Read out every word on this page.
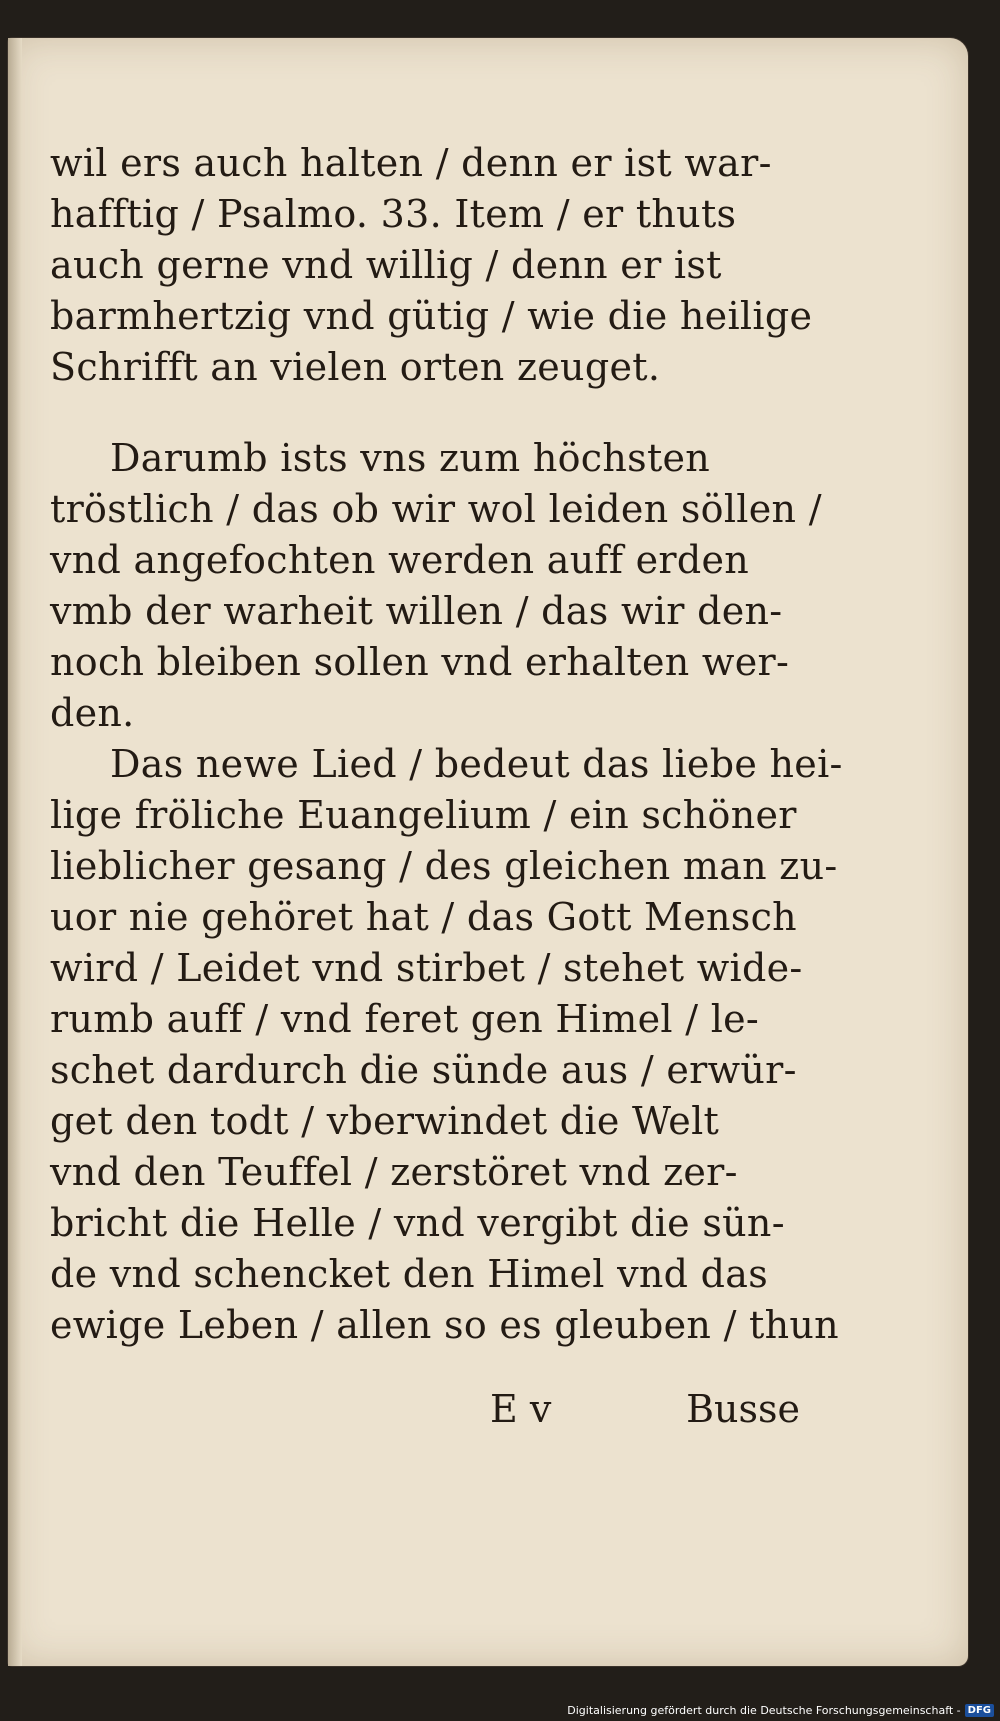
wil ers auch halten / denn er ist war-
hafftig / Psalmo. 33. Item / er thuts
auch gerne vnd willig / denn er ist
barmhertzig vnd gütig / wie die heilige
Schrifft an vielen orten zeuget.
Darumb ists vns zum höchsten
tröstlich / das ob wir wol leiden söllen /
vnd angefochten werden auff erden
vmb der warheit willen / das wir den-
noch bleiben sollen vnd erhalten wer-
den.
Das newe Lied / bedeut das liebe hei-
lige fröliche Euangelium / ein schöner
lieblicher gesang / des gleichen man zu-
uor nie gehöret hat / das Gott Mensch
wird / Leidet vnd stirbet / stehet wide-
rumb auff / vnd feret gen Himel / le-
schet dardurch die sünde aus / erwür-
get den todt / vberwindet die Welt
vnd den Teuffel / zerstöret vnd zer-
bricht die Helle / vnd vergibt die sün-
de vnd schencket den Himel vnd das
ewige Leben / allen so es gleuben / thun
E v	Busse
Digitalisierung gefördert durch die Deutsche Forschungsgemeinschaft - DFG
